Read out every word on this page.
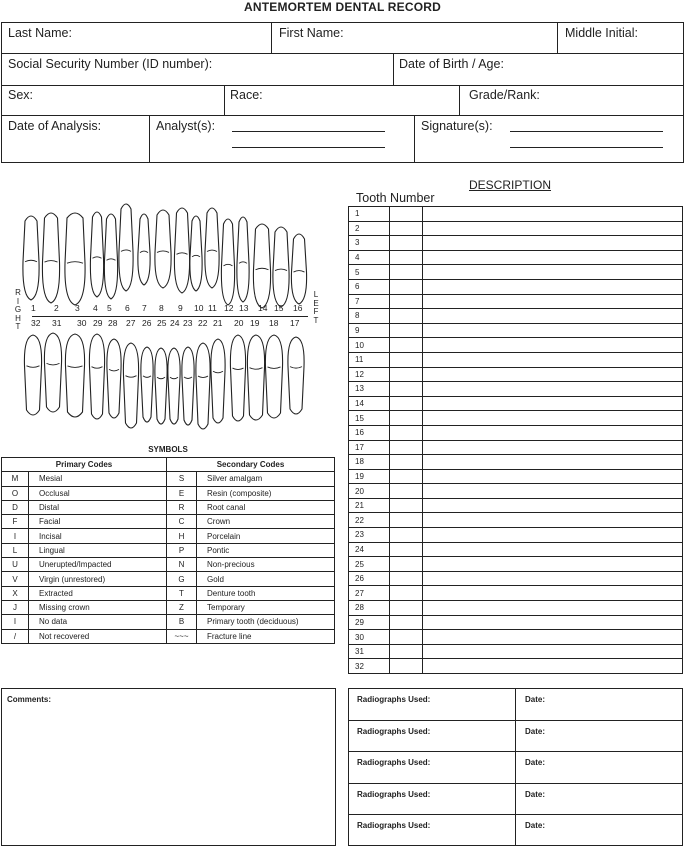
ANTEMORTEM DENTAL RECORD
Last Name:	First Name:	Middle Initial:
Social Security Number (ID number):	Date of Birth / Age:
Sex:	Race:	Grade/Rank:
Date of Analysis:	Analyst(s):	Signature(s):
R
I
G
H
T
L
E
F
T
1 2 3 4 5 6 7 8 9 10 11 12 13 14 15 16
32 31 30 29 28 27 26 25 24 23 22 21 20 19 18 17
SYMBOLS
Primary Codes		Secondary Codes	
M	Mesial	S	Silver amalgam
O	Occlusal	E	Resin (composite)
D	Distal	R	Root canal
F	Facial	C	Crown
I	Incisal	H	Porcelain
L	Lingual	P	Pontic
U	Unerupted/Impacted	N	Non-precious
V	Virgin (unrestored)	G	Gold
X	Extracted	T	Denture tooth
J	Missing crown	Z	Temporary
I	No data	B	Primary tooth (deciduous)
/	Not recovered	~~~	Fracture line
DESCRIPTION
Tooth Number
1		
2		
3		
4		
5		
6		
7		
8		
9		
10		
11		
12		
13		
14		
15		
16		
17		
18		
19		
20		
21		
22		
23		
24		
25		
26		
27		
28		
29		
30		
31		
32		
Comments:	Radiographs Used:	Date:
Radiographs Used:	Date:
Radiographs Used:	Date:
Radiographs Used:	Date:
Radiographs Used:	Date:
